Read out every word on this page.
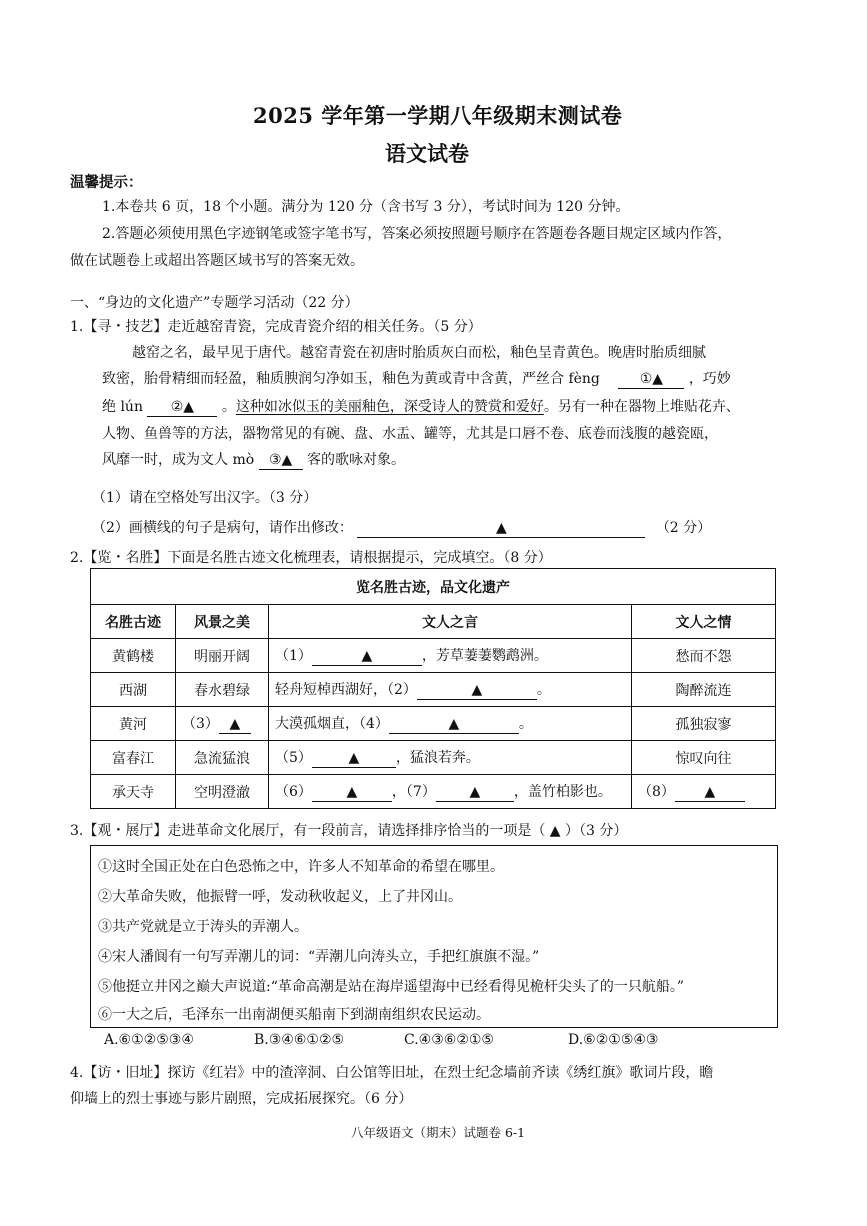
2025 学年第一学期八年级期末测试卷
语文试卷
温馨提示：
1.本卷共 6 页，18 个小题。满分为 120 分（含书写 3 分），考试时间为 120 分钟。
2.答题必须使用黑色字迹钢笔或签字笔书写，答案必须按照题号顺序在答题卷各题目规定区域内作答，
做在试题卷上或超出答题区域书写的答案无效。
一、“身边的文化遗产”专题学习活动（22 分）
1.【寻・技艺】走近越窑青瓷，完成青瓷介绍的相关任务。（5 分）
越窑之名，最早见于唐代。越窑青瓷在初唐时胎质灰白而松，釉色呈青黄色。晚唐时胎质细腻
致密，胎骨精细而轻盈，釉质腴润匀净如玉，釉色为黄或青中含黄，严丝合 fèng	①▲ ，巧妙
绝 lún ②▲ 。这种如冰似玉的美丽釉色，深受诗人的赞赏和爱好。另有一种在器物上堆贴花卉、
人物、鱼兽等的方法，器物常见的有碗、盘、水盂、罐等，尤其是口唇不卷、底卷而浅腹的越瓷瓯，
风靡一时，成为文人 mò ③▲ 客的歌咏对象。
（1）请在空格处写出汉字。（3 分）
（2）画横线的句子是病句，请作出修改：	▲	（2 分）
2.【览・名胜】下面是名胜古迹文化梳理表，请根据提示，完成填空。（8 分）
览名胜古迹，品文化遗产			
名胜古迹	风景之美	文人之言	文人之情
黄鹤楼	明丽开阔	（1） ▲ ，芳草萋萋鹦鹉洲。	愁而不怨
西湖	春水碧绿	轻舟短棹西湖好，（2） ▲ 。	陶醉流连
黄河	（3） ▲	大漠孤烟直，（4） ▲ 。	孤独寂寥
富春江	急流猛浪	（5） ▲ ，猛浪若奔。	惊叹向往
承天寺	空明澄澈	（6） ▲ ，（7） ▲ ，盖竹柏影也。	（8） ▲
3.【观・展厅】走进革命文化展厅，有一段前言，请选择排序恰当的一项是（ ▲ ）（3 分）
①这时全国正处在白色恐怖之中，许多人不知革命的希望在哪里。
②大革命失败，他振臂一呼，发动秋收起义，上了井冈山。
③共产党就是立于涛头的弄潮人。
④宋人潘阆有一句写弄潮儿的词：“弄潮儿向涛头立，手把红旗旗不湿。”
⑤他挺立井冈之巅大声说道:“革命高潮是站在海岸遥望海中已经看得见桅杆尖头了的一只航船。”
⑥一大之后，毛泽东一出南湖便买船南下到湖南组织农民运动。
A.⑥①②⑤③④	B.③④⑥①②⑤	C.④③⑥②①⑤	D.⑥②①⑤④③
4.【访・旧址】探访《红岩》中的渣滓洞、白公馆等旧址，在烈士纪念墙前齐读《绣红旗》歌词片段，瞻
仰墙上的烈士事迹与影片剧照，完成拓展探究。（6 分）
八年级语文（期末）试题卷 6-1
